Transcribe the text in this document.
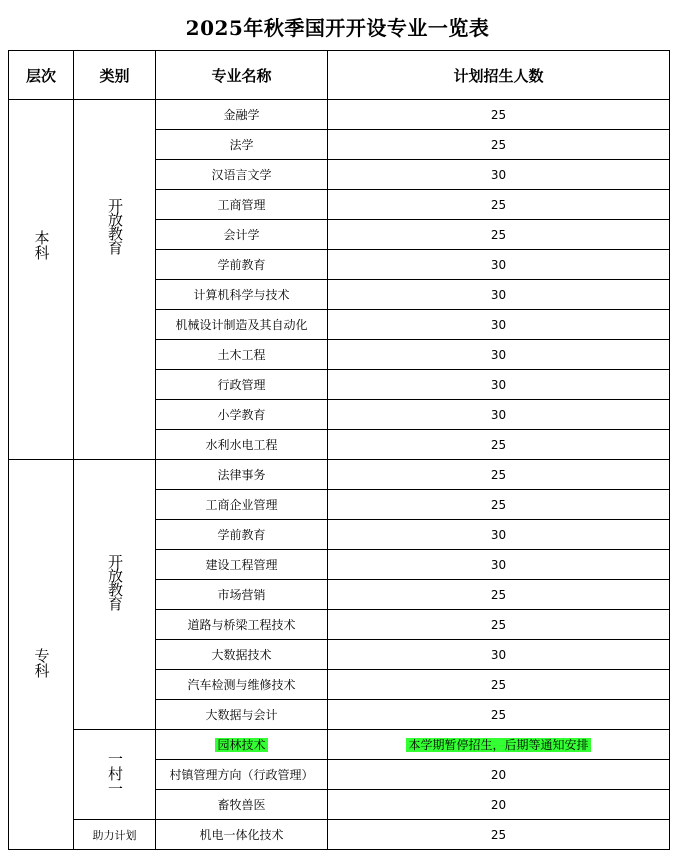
2025年秋季国开开设专业一览表
层次	类别	专业名称	计划招生人数
本科	开放教育	金融学	25
		法学	25
		汉语言文学	30
		工商管理	25
		会计学	25
		学前教育	30
		计算机科学与技术	30
		机械设计制造及其自动化	30
		土木工程	30
		行政管理	30
		小学教育	30
		水利水电工程	25
专科	开放教育	法律事务	25
		工商企业管理	25
		学前教育	30
		建设工程管理	30
		市场营销	25
		道路与桥梁工程技术	25
		大数据技术	30
		汽车检测与维修技术	25
		大数据与会计	25
	一村一	园林技术	本学期暂停招生，后期等通知安排
		村镇管理方向（行政管理）	20
		畜牧兽医	20
	助力计划	机电一体化技术	25
